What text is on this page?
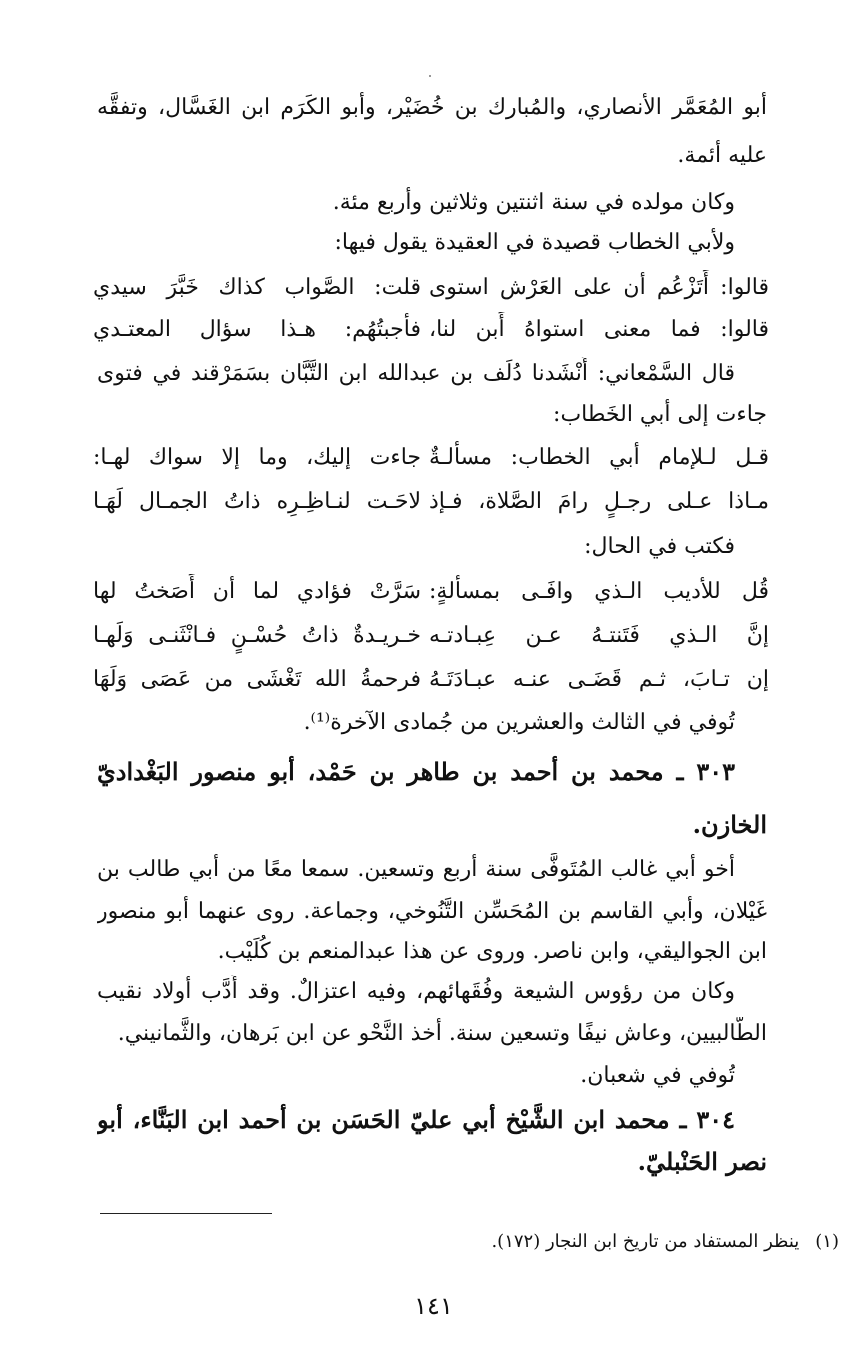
أبو المُعَمَّر الأنصاري، والمُبارك بن خُضَيْر، وأبو الكَرَم ابن الغَسَّال، وتفقَّه
عليه أئمة.
وكان مولده في سنة اثنتين وثلاثين وأربع مئة.
ولأبي الخطاب قصيدة في العقيدة يقول فيها:
قالوا: أَتَزْعُم أن على العَرْش استوى
قلت: الصَّواب كذاك خَبَّرَ سيدي
قالوا: فما معنى استواهُ أَبن لنا،
فأجبتُهُم: هـذا سؤال المعتـدي
قال السَّمْعاني: أَنْشَدنا دُلَف بن عبدالله ابن التَّبَّان بسَمَرْقند في فتوى
جاءت إلى أبي الخَطاب:
قـل لـلإمام أبي الخطاب: مسألـةٌ
جاءت إليك، وما إلا سواك لهـا:
مـاذا عـلى رجـلٍ رامَ الصَّلاة، فـإذ
لاحَـت لنـاظِـرِه ذاتُ الجمـال لَهَـا
فكتب في الحال:
قُل للأديب الـذي وافَـى بمسألةٍ:
سَرَّتْ فؤادي لما أن أَصَختُ لها
إنَّ الـذي فَتَنتـهُ عـن عِبـادتـه
خـريـدةٌ ذاتُ حُسْـنٍ فـانْثَنـى وَلَهـا
إن تـابَ، ثـم قَضَـى عنـه عبـادَتَـهُ
فرحمةُ الله تَغْشَى من عَصَى وَلَهَا
تُوفي في الثالث والعشرين من جُمادى الآخرة⁽¹⁾.
٣٠٣ ـ محمد بن أحمد بن طاهر بن حَمْد، أبو منصور البَغْداديّ
الخازن.
أخو أبي غالب المُتَوفَّى سنة أربع وتسعين. سمعا معًا من أبي طالب بن
غَيْلان، وأبي القاسم بن المُحَسِّن التَّنُوخي، وجماعة. روى عنهما أبو منصور
ابن الجواليقي، وابن ناصر. وروى عن هذا عبدالمنعم بن كُلَيْب.
وكان من رؤوس الشيعة وفُقَهائهم، وفيه اعتزالٌ. وقد أَدَّب أولاد نقيب
الطَّالبيين، وعاش نيفًا وتسعين سنة. أخذ النَّحْو عن ابن بَرهان، والثَّمانيني.
تُوفي في شعبان.
٣٠٤ ـ محمد ابن الشَّيْخ أبي عليّ الحَسَن بن أحمد ابن البَنَّاء، أبو
نصر الحَنْبليّ.
(١)ينظر المستفاد من تاريخ ابن النجار (١٧٢).
١٤١
